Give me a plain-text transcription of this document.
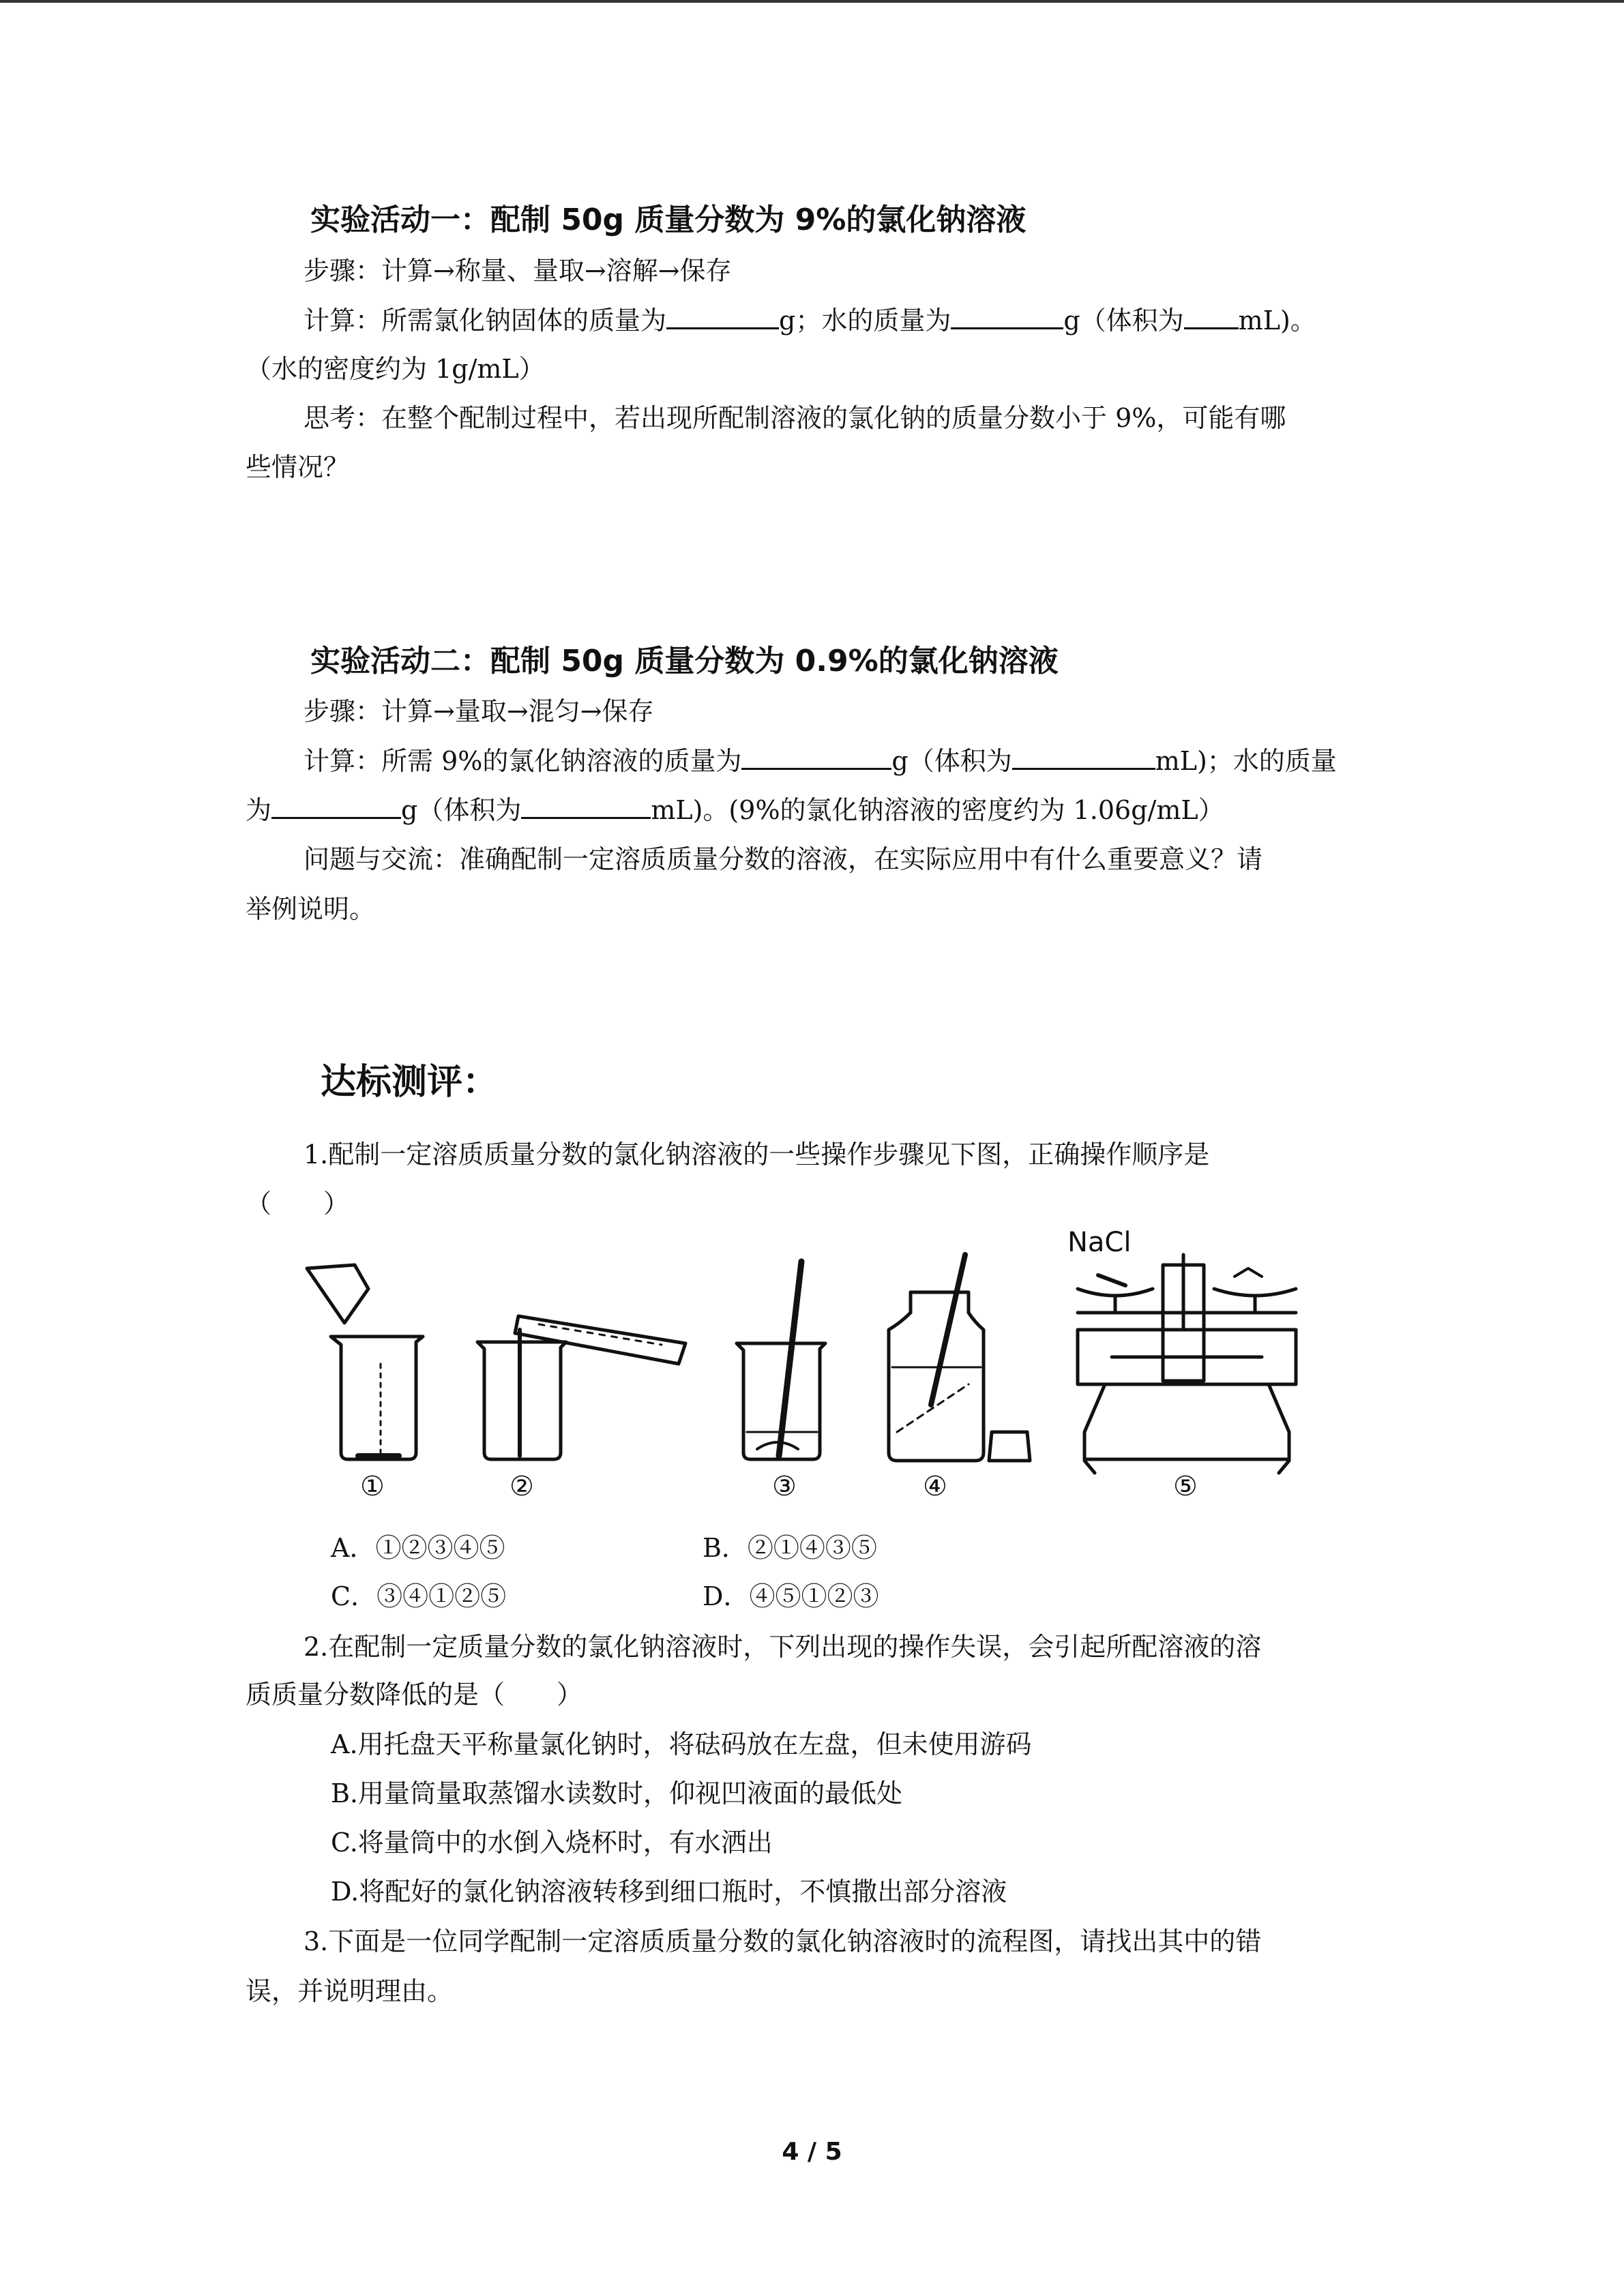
实验活动一：配制 50g 质量分数为 9%的氯化钠溶液
步骤：计算→称量、量取→溶解→保存
计算：所需氯化钠固体的质量为	g；水的质量为	g（体积为 mL)。
（水的密度约为 1g/mL）
思考：在整个配制过程中，若出现所配制溶液的氯化钠的质量分数小于 9%，可能有哪
些情况？
实验活动二：配制 50g 质量分数为 0.9%的氯化钠溶液
步骤：计算→量取→混匀→保存
计算：所需 9%的氯化钠溶液的质量为	g（体积为	mL)；水的质量
为	g（体积为	mL)。(9%的氯化钠溶液的密度约为 1.06g/mL）
问题与交流：准确配制一定溶质质量分数的溶液，在实际应用中有什么重要意义？请
举例说明。
达标测评：
1.配制一定溶质质量分数的氯化钠溶液的一些操作步骤见下图，正确操作顺序是
（　　）
NaCl
①	②	③	④	⑤
A．①②③④⑤	B．②①④③⑤
C．③④①②⑤	D．④⑤①②③
2.在配制一定质量分数的氯化钠溶液时，下列出现的操作失误，会引起所配溶液的溶
质质量分数降低的是（　　）
A.用托盘天平称量氯化钠时，将砝码放在左盘，但未使用游码
B.用量筒量取蒸馏水读数时，仰视凹液面的最低处
C.将量筒中的水倒入烧杯时，有水洒出
D.将配好的氯化钠溶液转移到细口瓶时，不慎撒出部分溶液
3.下面是一位同学配制一定溶质质量分数的氯化钠溶液时的流程图，请找出其中的错
误，并说明理由。
4 / 5
